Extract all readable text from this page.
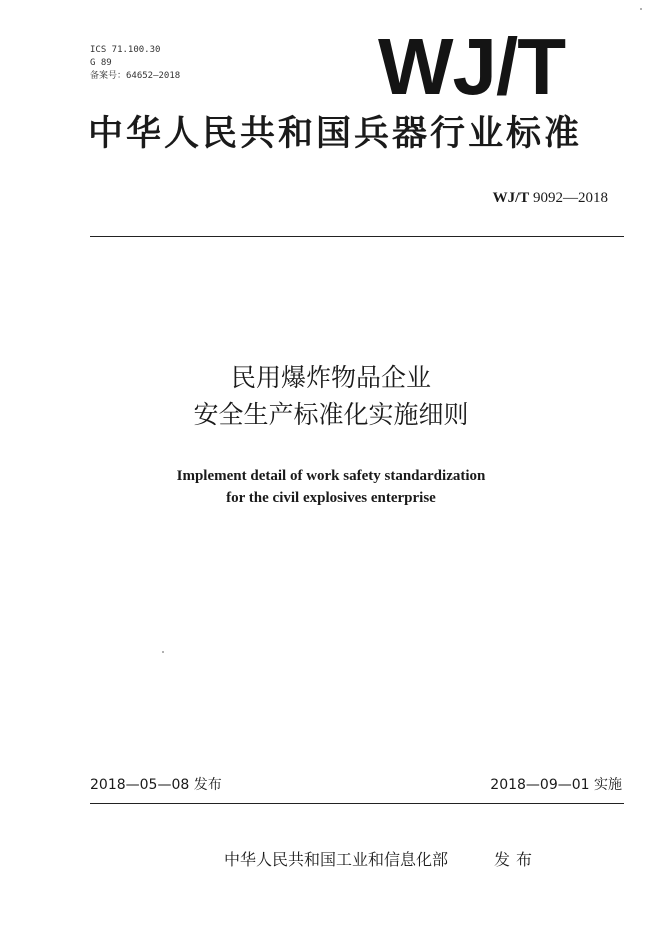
ICS 71.100.30
G 89
备案号：64652—2018 WJ/T
中华人民共和国兵器行业标准
WJ/T 9092—2018
民用爆炸物品企业
安全生产标准化实施细则
Implement detail of work safety standardization
for the civil explosives enterprise
2018—05—08 发布	2018—09—01 实施
中华人民共和国工业和信息化部	发布
